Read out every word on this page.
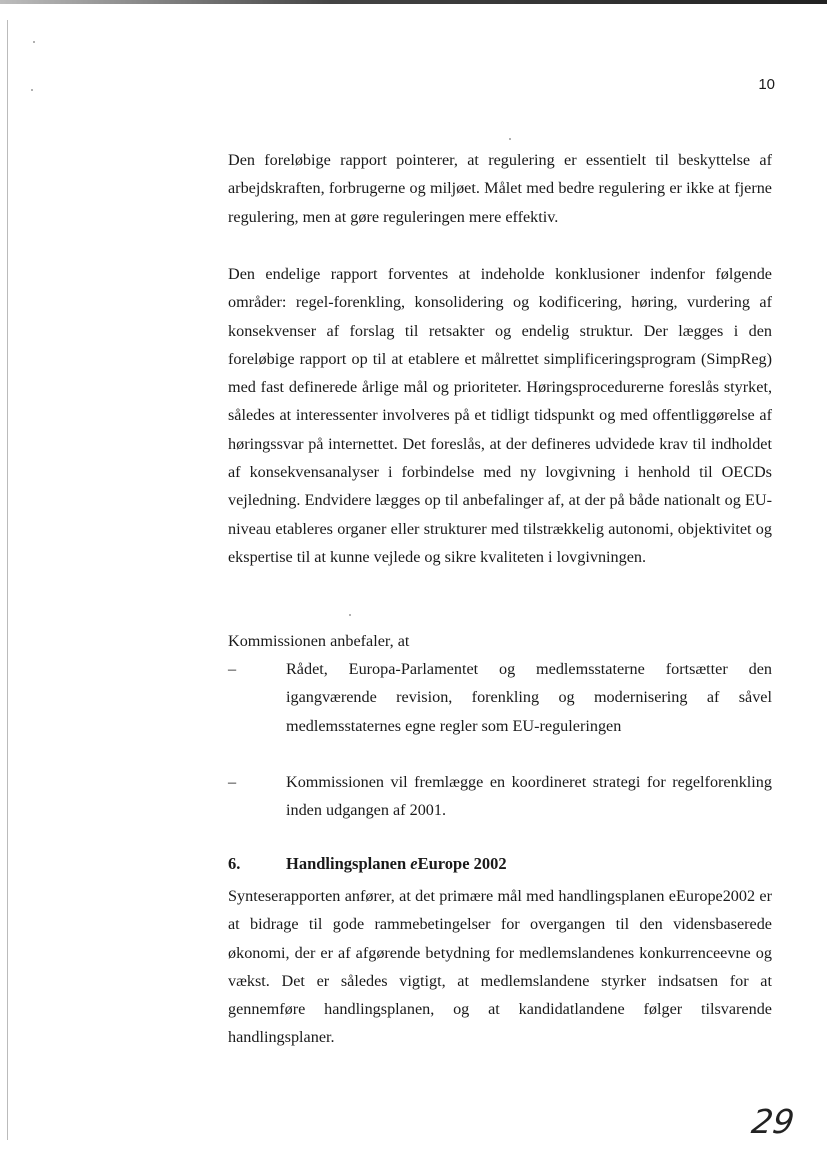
10

Den foreløbige rapport pointerer, at regulering er essentielt til beskyttelse af arbejdskraften, forbrugerne og miljøet. Målet med bedre regulering er ikke at fjerne regulering, men at gøre reguleringen mere effektiv.

Den endelige rapport forventes at indeholde konklusioner indenfor følgende områder: regel-forenkling, konsolidering og kodificering, høring, vurdering af konsekvenser af forslag til retsakter og endelig struktur. Der lægges i den foreløbige rapport op til at etablere et målrettet simplificeringsprogram (SimpReg) med fast definerede årlige mål og prioriteter. Høringsprocedurerne foreslås styrket, således at interessenter involveres på et tidligt tidspunkt og med offentliggørelse af høringssvar på internettet. Det foreslås, at der defineres udvidede krav til indholdet af konsekvensanalyser i forbindelse med ny lovgivning i henhold til OECDs vejledning. Endvidere lægges op til anbefalinger af, at der på både nationalt og EU-niveau etableres organer eller strukturer med tilstrækkelig autonomi, objektivitet og ekspertise til at kunne vejlede og sikre kvaliteten i lovgivningen.

Kommissionen anbefaler, at

–	Rådet, Europa-Parlamentet og medlemsstaterne fortsætter den igangværende revision, forenkling og modernisering af såvel medlemsstaternes egne regler som EU-reguleringen

–	Kommissionen vil fremlægge en koordineret strategi for regelforenkling inden udgangen af 2001.

6.	Handlingsplanen eEurope 2002

Synteserapporten anfører, at det primære mål med handlingsplanen eEurope2002 er at bidrage til gode rammebetingelser for overgangen til den vidensbaserede økonomi, der er af afgørende betydning for medlemslandenes konkurrenceevne og vækst. Det er således vigtigt, at medlemslandene styrker indsatsen for at gennemføre handlingsplanen, og at kandidatlandene følger tilsvarende handlingsplaner.

29
